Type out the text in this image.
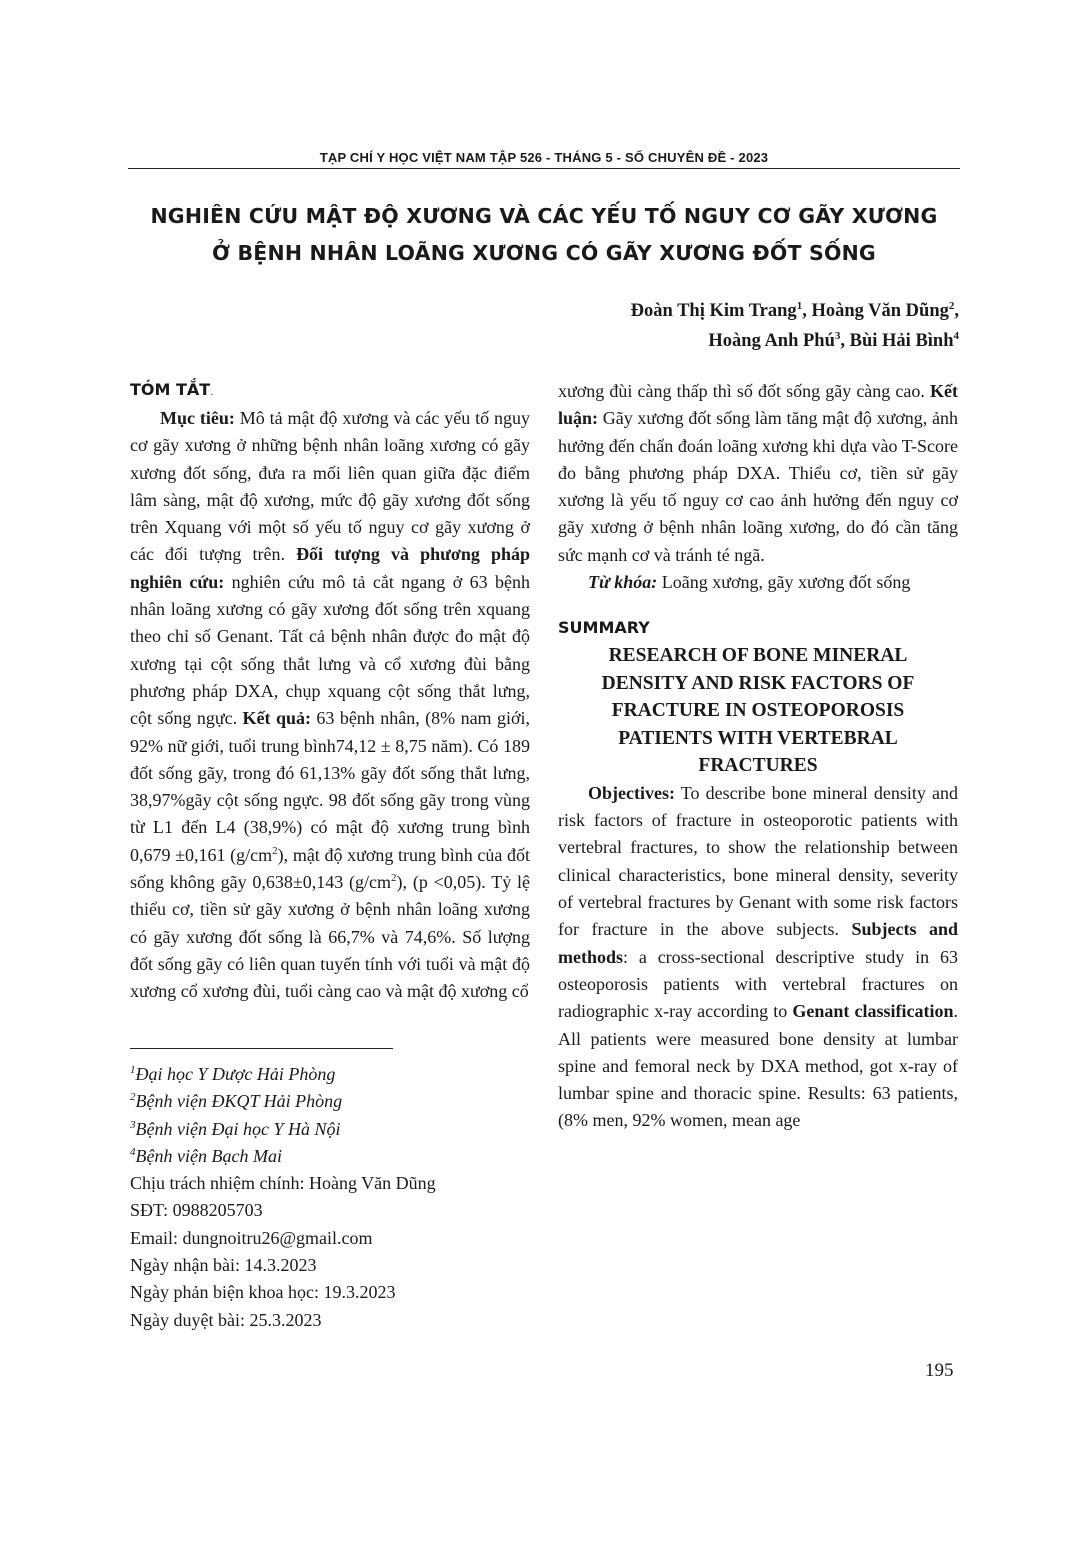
TẠP CHÍ Y HỌC VIỆT NAM TẬP 526 - THÁNG 5 - SỐ CHUYÊN ĐỀ - 2023
NGHIÊN CỨU MẬT ĐỘ XƯƠNG VÀ CÁC YẾU TỐ NGUY CƠ GÃY XƯƠNG
Ở BỆNH NHÂN LOÃNG XƯƠNG CÓ GÃY XƯƠNG ĐỐT SỐNG
Đoàn Thị Kim Trang$^1$, Hoàng Văn Dũng$^2$,
Hoàng Anh Phú$^3$, Bùi Hải Bình$^4$
TÓM TẮT.

Mục tiêu: Mô tả mật độ xương và các yếu tố nguy cơ gãy xương ở những bệnh nhân loãng xương có gãy xương đốt sống, đưa ra mối liên quan giữa đặc điểm lâm sàng, mật độ xương, mức độ gãy xương đốt sống trên Xquang với một số yếu tố nguy cơ gãy xương ở các đối tượng trên. Đối tượng và phương pháp nghiên cứu: nghiên cứu mô tả cắt ngang ở 63 bệnh nhân loãng xương có gãy xương đốt sống trên xquang theo chỉ số Genant. Tất cả bệnh nhân được đo mật độ xương tại cột sống thắt lưng và cổ xương đùi bằng phương pháp DXA, chụp xquang cột sống thắt lưng, cột sống ngực. Kết quả: 63 bệnh nhân, (8% nam giới, 92% nữ giới, tuổi trung bình74,12 ± 8,75 năm). Có 189 đốt sống gãy, trong đó 61,13% gãy đốt sống thắt lưng, 38,97%gãy cột sống ngực. 98 đốt sống gãy trong vùng từ L1 đến L4 (38,9%) có mật độ xương trung bình 0,679 ±0,161 $(g/cm^2)$, mật độ xương trung bình của đốt sống không gãy 0,638±0,143 $(g/cm^2)$, (p <0,05). Tỷ lệ thiểu cơ, tiền sử gãy xương ở bệnh nhân loãng xương có gãy xương đốt sống là 66,7% và 74,6%. Số lượng đốt sống gãy có liên quan tuyến tính với tuổi và mật độ xương cổ xương đùi, tuổi càng cao và mật độ xương cổ

$^1$Đại học Y Dược Hải Phòng
$^2$Bệnh viện ĐKQT Hải Phòng
$^3$Bệnh viện Đại học Y Hà Nội
$^4$Bệnh viện Bạch Mai
Chịu trách nhiệm chính: Hoàng Văn Dũng
SĐT: 0988205703
Email: dungnoitru26@gmail.com
Ngày nhận bài: 14.3.2023
Ngày phản biện khoa học: 19.3.2023
Ngày duyệt bài: 25.3.2023

xương đùi càng thấp thì số đốt sống gãy càng cao. Kết luận: Gãy xương đốt sống làm tăng mật độ xương, ảnh hưởng đến chẩn đoán loãng xương khi dựa vào T-Score đo bằng phương pháp DXA. Thiểu cơ, tiền sử gãy xương là yếu tố nguy cơ cao ảnh hưởng đến nguy cơ gãy xương ở bệnh nhân loãng xương, do đó cần tăng sức mạnh cơ và tránh té ngã.

Từ khóa: Loãng xương, gãy xương đốt sống

SUMMARY
RESEARCH OF BONE MINERAL
DENSITY AND RISK FACTORS OF
FRACTURE IN OSTEOPOROSIS
PATIENTS WITH VERTEBRAL
FRACTURES

Objectives: To describe bone mineral density and risk factors of fracture in osteoporotic patients with vertebral fractures, to show the relationship between clinical characteristics, bone mineral density, severity of vertebral fractures by Genant with some risk factors for fracture in the above subjects. Subjects and methods: a cross-sectional descriptive study in 63 osteoporosis patients with vertebral fractures on radiographic x-ray according to Genant classification. All patients were measured bone density at lumbar spine and femoral neck by DXA method, got x-ray of lumbar spine and thoracic spine. Results: 63 patients, (8% men, 92% women, mean age

195
